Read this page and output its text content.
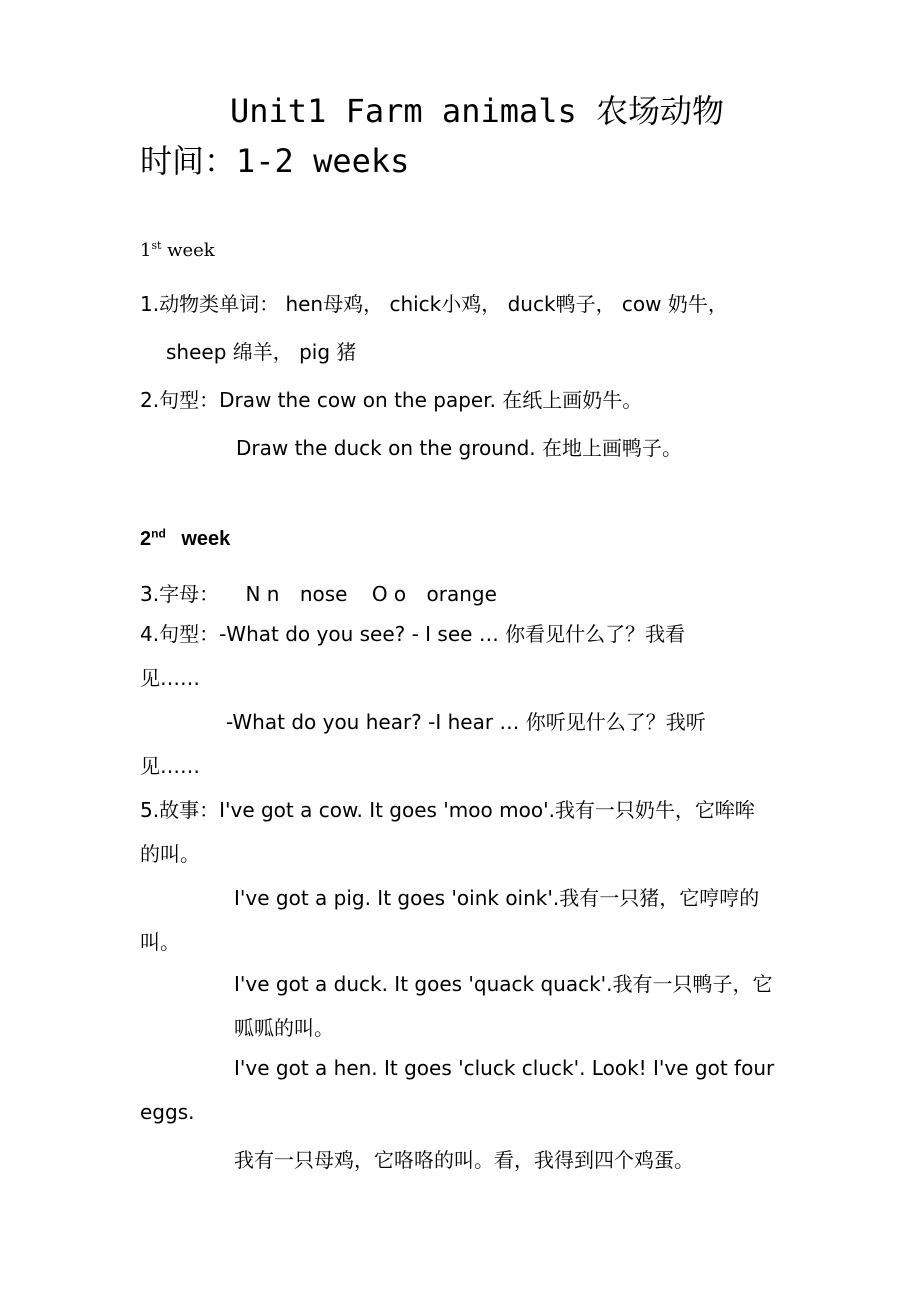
Unit1 Farm animals 农场动物
时间：1-2 weeks
1st week
1.动物类单词： hen母鸡， chick小鸡， duck鸭子， cow 奶牛，
sheep 绵羊， pig 猪
2.句型：Draw the cow on the paper. 在纸上画奶牛。
Draw the duck on the ground. 在地上画鸭子。
2nd week
3.字母： N n nose O o orange
4.句型：-What do you see? - I see … 你看见什么了？我看
见……
-What do you hear? -I hear … 你听见什么了？我听
见……
5.故事：I've got a cow. It goes 'moo moo'.我有一只奶牛，它哞哞
的叫。
I've got a pig. It goes 'oink oink'.我有一只猪，它哼哼的
叫。
I've got a duck. It goes 'quack quack'.我有一只鸭子，它
呱呱的叫。
I've got a hen. It goes 'cluck cluck'. Look! I've got four
eggs.
我有一只母鸡，它咯咯的叫。看，我得到四个鸡蛋。
